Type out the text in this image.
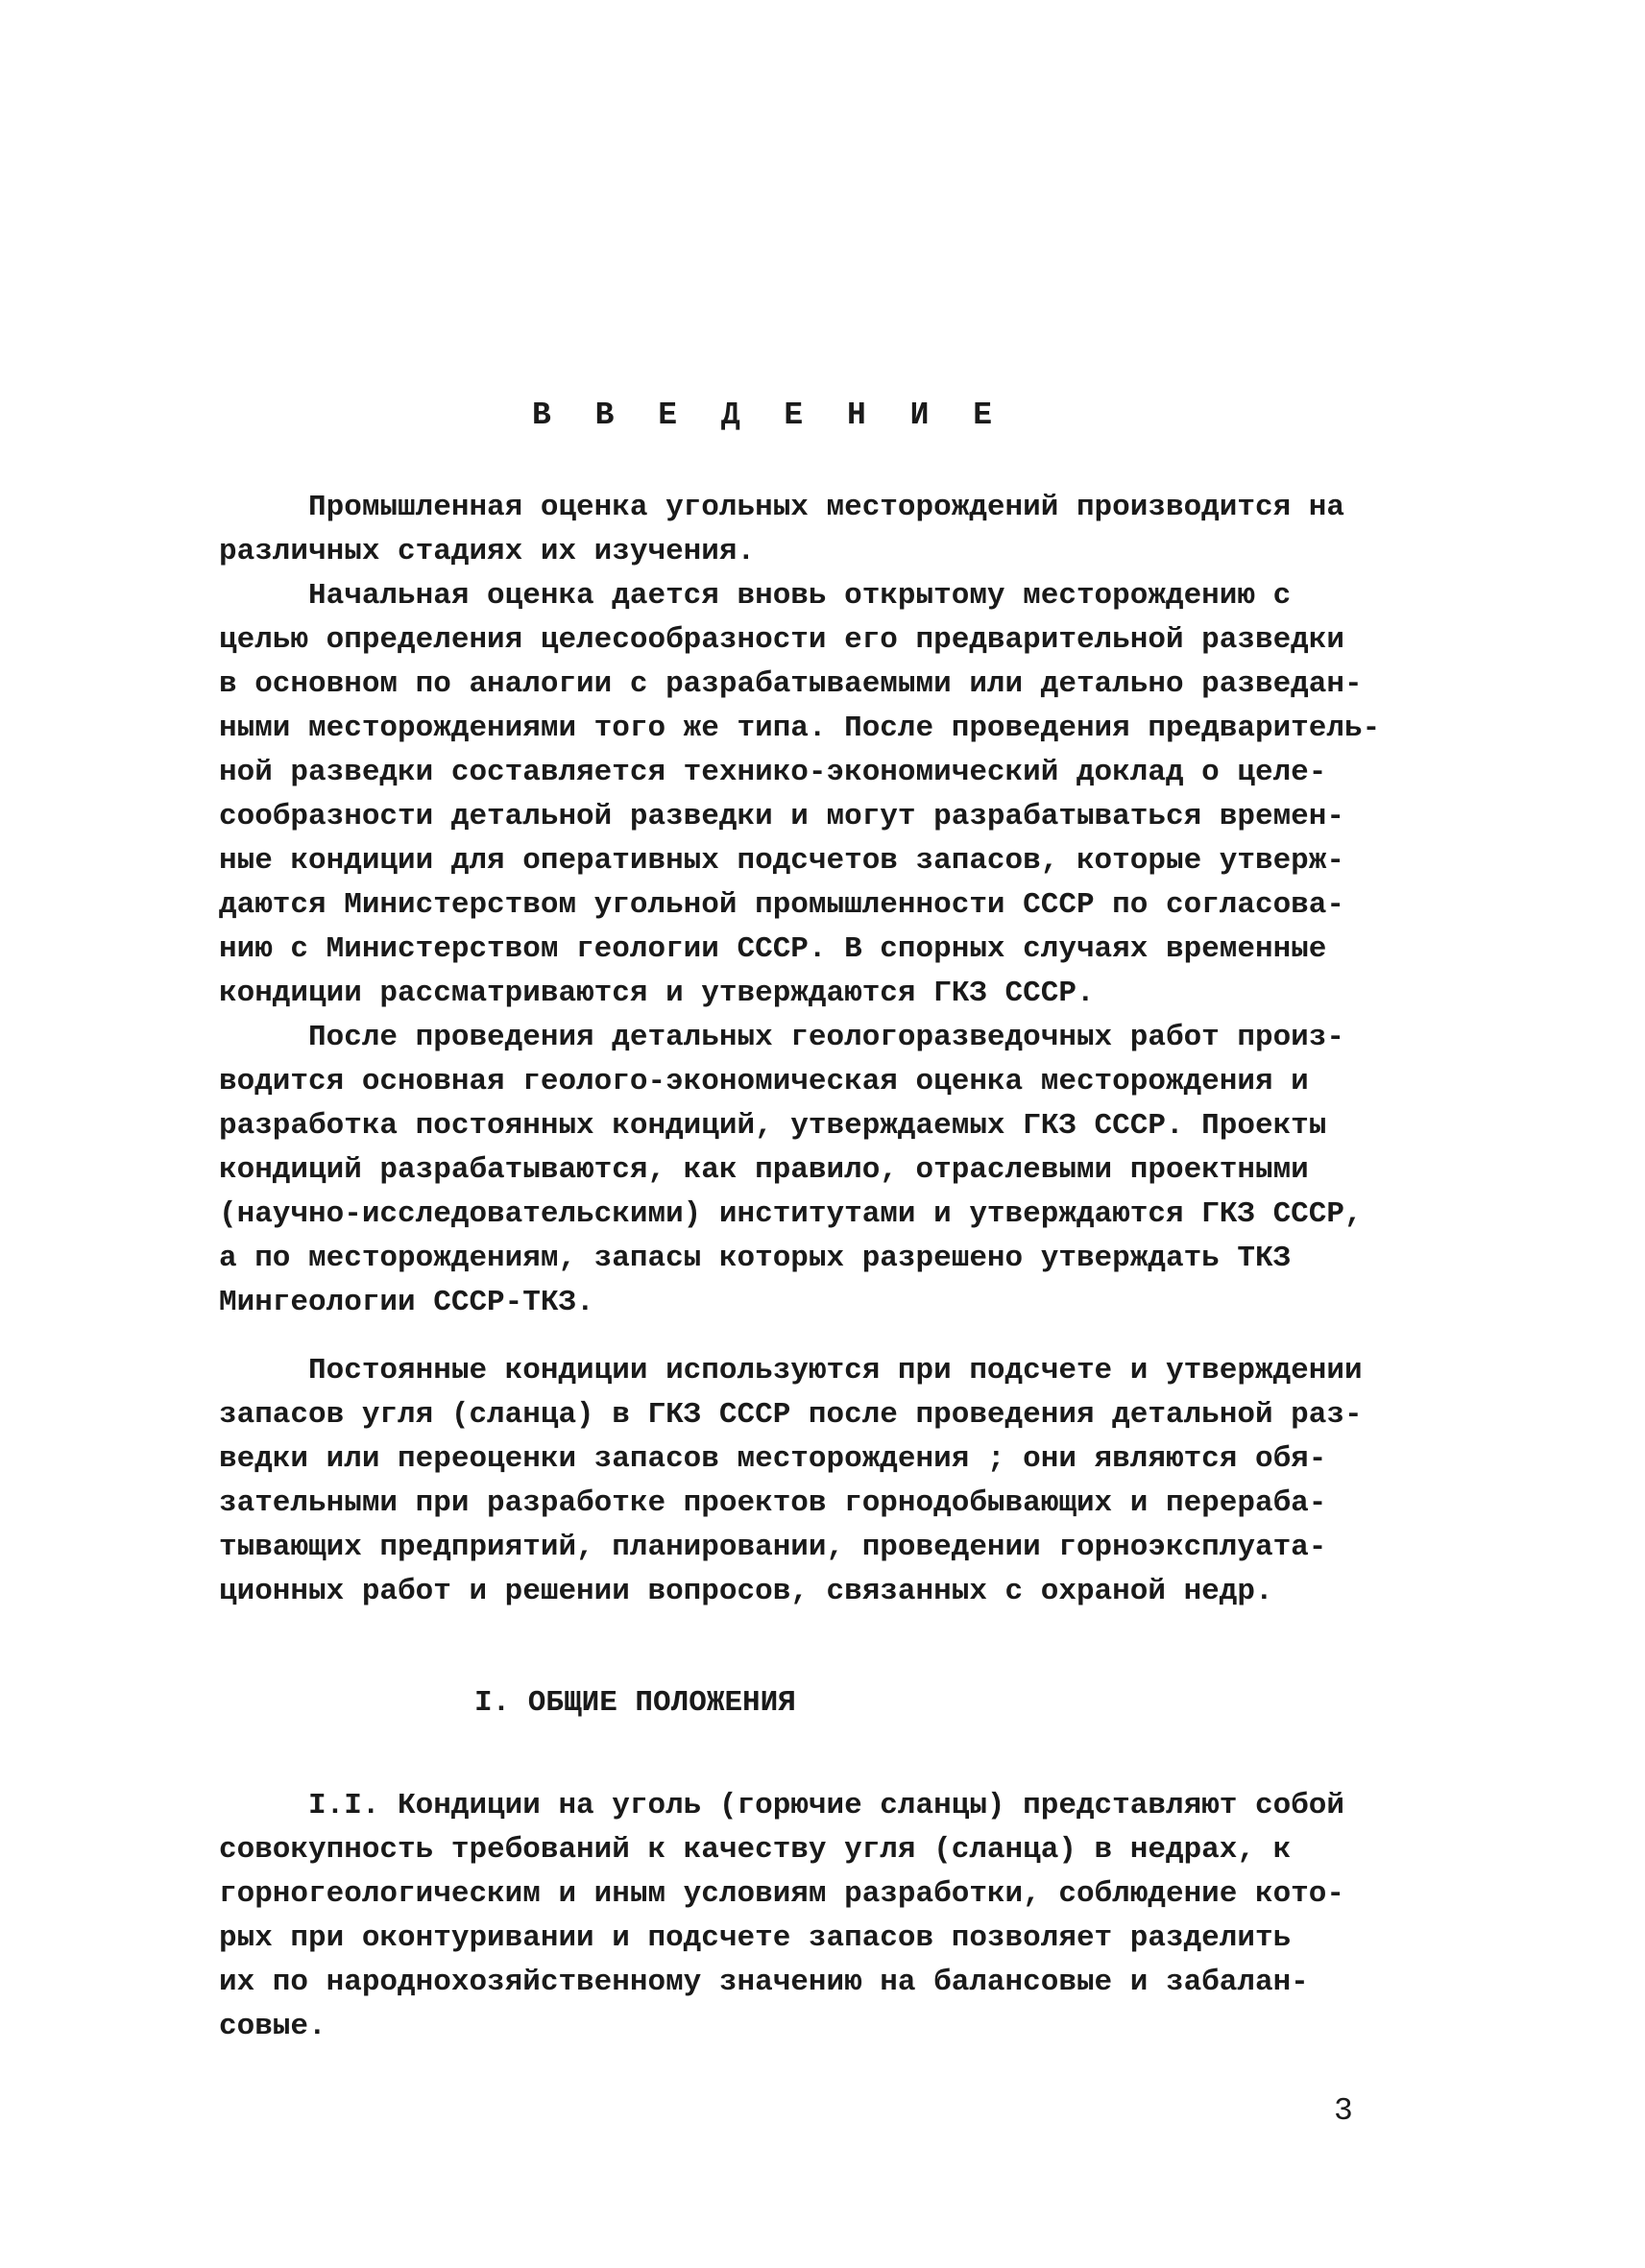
В В Е Д Е Н И Е
Промышленная оценка угольных месторождений производится на
различных стадиях их изучения.
Начальная оценка дается вновь открытому месторождению с
целью определения целесообразности его предварительной разведки
в основном по аналогии с разрабатываемыми или детально разведан-
ными месторождениями того же типа. После проведения предваритель-
ной разведки составляется технико-экономический доклад о целе-
сообразности детальной разведки и могут разрабатываться времен-
ные кондиции для оперативных подсчетов запасов, которые утверж-
даются Министерством угольной промышленности СССР по согласова-
нию с Министерством геологии СССР. В спорных случаях временные
кондиции рассматриваются и утверждаются ГКЗ СССР.
После проведения детальных геологоразведочных работ произ-
водится основная геолого-экономическая оценка месторождения и
разработка постоянных кондиций, утверждаемых ГКЗ СССР. Проекты
кондиций разрабатываются, как правило, отраслевыми проектными
(научно-исследовательскими) институтами и утверждаются ГКЗ СССР,
а по месторождениям, запасы которых разрешено утверждать ТКЗ
Мингеологии СССР-ТКЗ.
Постоянные кондиции используются при подсчете и утверждении
запасов угля (сланца) в ГКЗ СССР после проведения детальной раз-
ведки или переоценки запасов месторождения ; они являются обя-
зательными при разработке проектов горнодобывающих и перераба-
тывающих предприятий, планировании, проведении горноэксплуата-
ционных работ и решении вопросов, связанных с охраной недр.
I. ОБЩИЕ ПОЛОЖЕНИЯ
I.I. Кондиции на уголь (горючие сланцы) представляют собой
совокупность требований к качеству угля (сланца) в недрах, к
горногеологическим и иным условиям разработки, соблюдение кото-
рых при оконтуривании и подсчете запасов позволяет разделить
их по народнохозяйственному значению на балансовые и забалан-
совые.
3
